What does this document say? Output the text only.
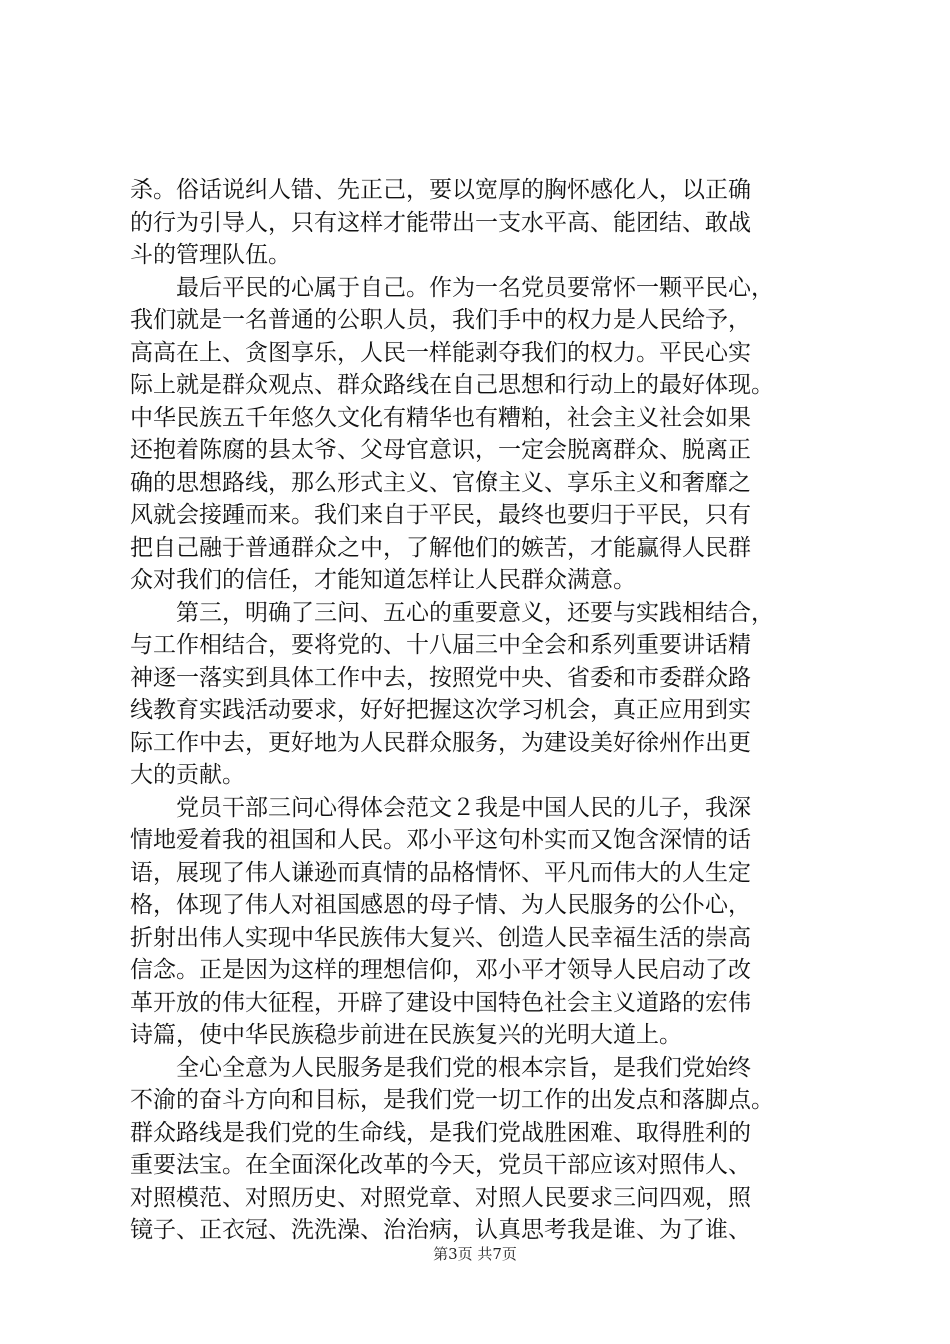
杀。俗话说纠人错、先正己，要以宽厚的胸怀感化人，以正确
的行为引导人，只有这样才能带出一支水平高、能团结、敢战
斗的管理队伍。
最后平民的心属于自己。作为一名党员要常怀一颗平民心，
我们就是一名普通的公职人员，我们手中的权力是人民给予，
高高在上、贪图享乐，人民一样能剥夺我们的权力。平民心实
际上就是群众观点、群众路线在自己思想和行动上的最好体现。
中华民族五千年悠久文化有精华也有糟粕，社会主义社会如果
还抱着陈腐的县太爷、父母官意识，一定会脱离群众、脱离正
确的思想路线，那么形式主义、官僚主义、享乐主义和奢靡之
风就会接踵而来。我们来自于平民，最终也要归于平民，只有
把自己融于普通群众之中，了解他们的嫉苦，才能赢得人民群
众对我们的信任，才能知道怎样让人民群众满意。
第三，明确了三问、五心的重要意义，还要与实践相结合，
与工作相结合，要将党的、十八届三中全会和系列重要讲话精
神逐一落实到具体工作中去，按照党中央、省委和市委群众路
线教育实践活动要求，好好把握这次学习机会，真正应用到实
际工作中去，更好地为人民群众服务，为建设美好徐州作出更
大的贡献。
党员干部三问心得体会范文２我是中国人民的儿子，我深
情地爱着我的祖国和人民。邓小平这句朴实而又饱含深情的话
语，展现了伟人谦逊而真情的品格情怀、平凡而伟大的人生定
格，体现了伟人对祖国感恩的母子情、为人民服务的公仆心，
折射出伟人实现中华民族伟大复兴、创造人民幸福生活的崇高
信念。正是因为这样的理想信仰，邓小平才领导人民启动了改
革开放的伟大征程，开辟了建设中国特色社会主义道路的宏伟
诗篇，使中华民族稳步前进在民族复兴的光明大道上。
全心全意为人民服务是我们党的根本宗旨，是我们党始终
不渝的奋斗方向和目标，是我们党一切工作的出发点和落脚点。
群众路线是我们党的生命线，是我们党战胜困难、取得胜利的
重要法宝。在全面深化改革的今天，党员干部应该对照伟人、
对照模范、对照历史、对照党章、对照人民要求三问四观，照
镜子、正衣冠、洗洗澡、治治病，认真思考我是谁、为了谁、
第3页 共7页
